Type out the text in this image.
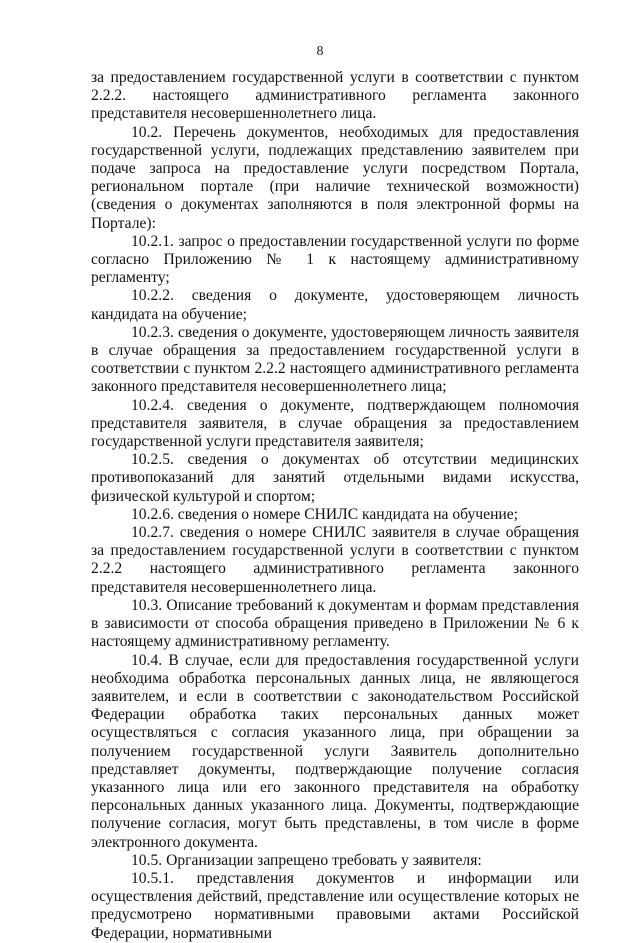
8

за предоставлением государственной услуги в соответствии с пунктом 2.2.2. настоящего административного регламента законного представителя несовершеннолетнего лица.

10.2. Перечень документов, необходимых для предоставления государственной услуги, подлежащих представлению заявителем при подаче запроса на предоставление услуги посредством Портала, региональном портале (при наличие технической возможности) (сведения о документах заполняются в поля электронной формы на Портале):

10.2.1. запрос о предоставлении государственной услуги по форме согласно Приложению № 1 к настоящему административному регламенту;

10.2.2. сведения о документе, удостоверяющем личность кандидата на обучение;

10.2.3. сведения о документе, удостоверяющем личность заявителя в случае обращения за предоставлением государственной услуги в соответствии с пунктом 2.2.2 настоящего административного регламента законного представителя несовершеннолетнего лица;

10.2.4. сведения о документе, подтверждающем полномочия представителя заявителя, в случае обращения за предоставлением государственной услуги представителя заявителя;

10.2.5. сведения о документах об отсутствии медицинских противопоказаний для занятий отдельными видами искусства, физической культурой и спортом;

10.2.6. сведения о номере СНИЛС кандидата на обучение;

10.2.7. сведения о номере СНИЛС заявителя в случае обращения за предоставлением государственной услуги в соответствии с пунктом 2.2.2 настоящего административного регламента законного представителя несовершеннолетнего лица.

10.3. Описание требований к документам и формам представления в зависимости от способа обращения приведено в Приложении № 6 к настоящему административному регламенту.

10.4. В случае, если для предоставления государственной услуги необходима обработка персональных данных лица, не являющегося заявителем, и если в соответствии с законодательством Российской Федерации обработка таких персональных данных может осуществляться с согласия указанного лица, при обращении за получением государственной услуги Заявитель дополнительно представляет документы, подтверждающие получение согласия указанного лица или его законного представителя на обработку персональных данных указанного лица. Документы, подтверждающие получение согласия, могут быть представлены, в том числе в форме электронного документа.

10.5. Организации запрещено требовать у заявителя:

10.5.1. представления документов и информации или осуществления действий, представление или осуществление которых не предусмотрено нормативными правовыми актами Российской Федерации, нормативными
